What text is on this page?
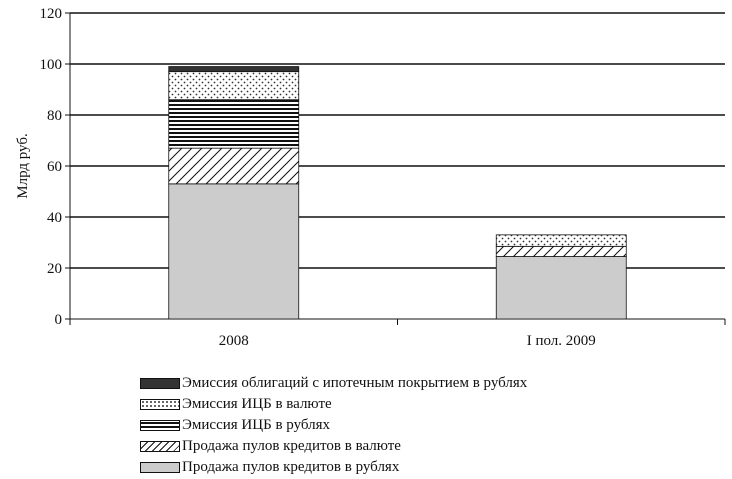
0
20
40
60
80
100
120
2008	I пол. 2009
Млрд руб.
Эмиссия облигаций с ипотечным покрытием в рублях
Эмиссия ИЦБ в валюте
Эмиссия ИЦБ в рублях
Продажа пулов кредитов в валюте
Продажа пулов кредитов в рублях
